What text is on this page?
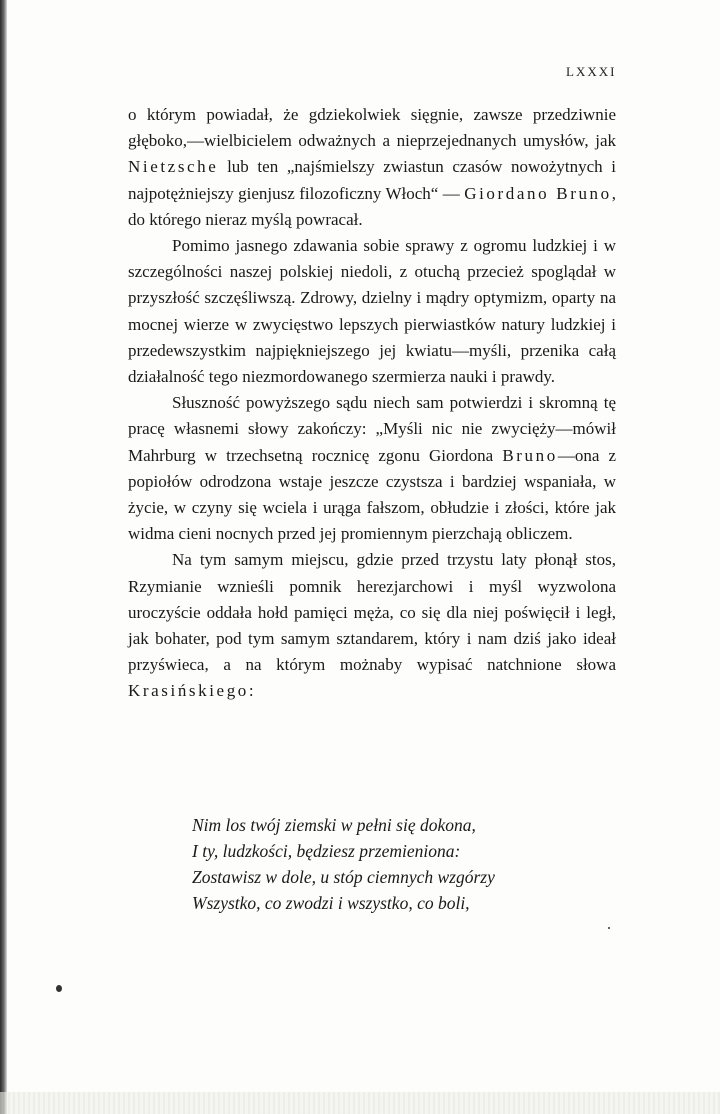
LXXXI

o którym powiadał, że gdziekolwiek sięgnie, zawsze przedziwnie głęboko,—wielbicielem odważnych a nieprzejednanych umysłów, jak Nietzsche lub ten „najśmielszy zwiastun czasów nowożytnych i najpotężniejszy gienjusz filozoficzny Włoch“ — Giordano Bruno, do którego nieraz myślą powracał.

Pomimo jasnego zdawania sobie sprawy z ogromu ludzkiej i w szczególności naszej polskiej niedoli, z otuchą przecież spoglądał w przyszłość szczęśliwszą. Zdrowy, dzielny i mądry optymizm, oparty na mocnej wierze w zwycięstwo lepszych pierwiastków natury ludzkiej i przedewszystkim najpiękniejszego jej kwiatu—myśli, przenika całą działalność tego niezmordowanego szermierza nauki i prawdy.

Słuszność powyższego sądu niech sam potwierdzi i skromną tę pracę własnemi słowy zakończy: „Myśli nic nie zwycięży—mówił Mahrburg w trzechsetną rocznicę zgonu Giordona Bruno—ona z popiołów odrodzona wstaje jeszcze czystsza i bardziej wspaniała, w życie, w czyny się wciela i urąga fałszom, obłudzie i złości, które jak widma cieni nocnych przed jej promiennym pierzchają obliczem.

Na tym samym miejscu, gdzie przed trzystu laty płonął stos, Rzymianie wznieśli pomnik herezjarchowi i myśl wyzwolona uroczyście oddała hołd pamięci męża, co się dla niej poświęcił i legł, jak bohater, pod tym samym sztandarem, który i nam dziś jako ideał przyświeca, a na którym możnaby wypisać natchnione słowa Krasińskiego:

Nim los twój ziemski w pełni się dokona,
I ty, ludzkości, będziesz przemieniona:
Zostawisz w dole, u stóp ciemnych wzgórzy
Wszystko, co zwodzi i wszystko, co boli,
